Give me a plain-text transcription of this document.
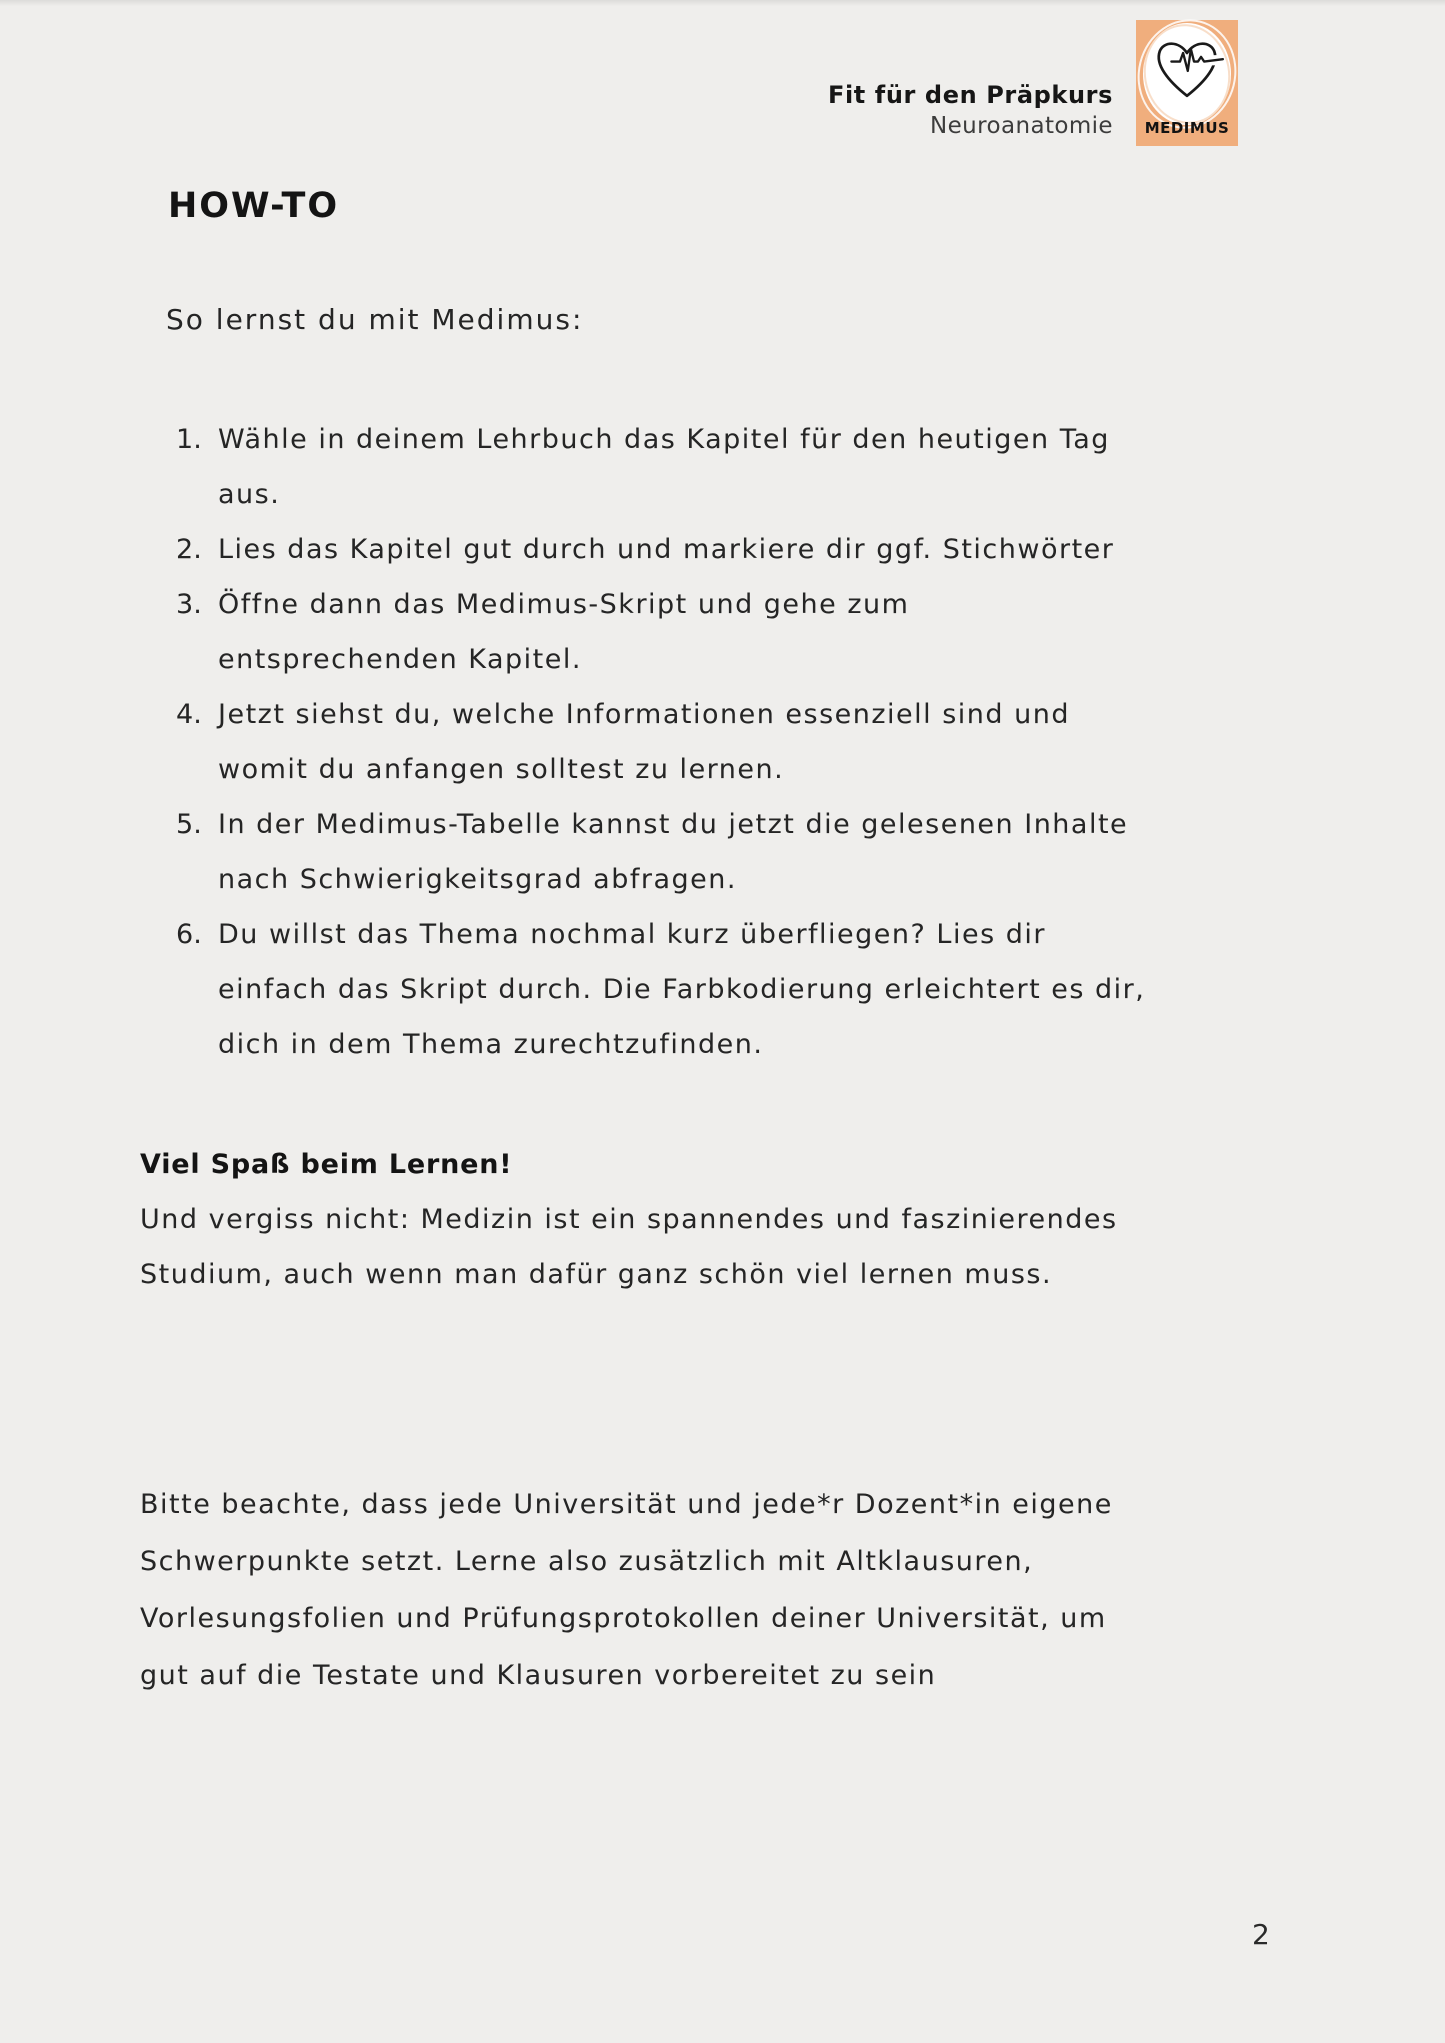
Fit für den Präpkurs
Neuroanatomie	MEDIMUS
HOW-TO
So lernst du mit Medimus:
Wähle in deinem Lehrbuch das Kapitel für den heutigen Tag
aus.
Lies das Kapitel gut durch und markiere dir ggf. Stichwörter
Öffne dann das Medimus-Skript und gehe zum
entsprechenden Kapitel.
Jetzt siehst du, welche Informationen essenziell sind und
womit du anfangen solltest zu lernen.
In der Medimus-Tabelle kannst du jetzt die gelesenen Inhalte
nach Schwierigkeitsgrad abfragen.
Du willst das Thema nochmal kurz überfliegen? Lies dir
einfach das Skript durch. Die Farbkodierung erleichtert es dir,
dich in dem Thema zurechtzufinden.

Viel Spaß beim Lernen!

Und vergiss nicht: Medizin ist ein spannendes und faszinierendes
Studium, auch wenn man dafür ganz schön viel lernen muss.

Bitte beachte, dass jede Universität und jede*r Dozent*in eigene
Schwerpunkte setzt. Lerne also zusätzlich mit Altklausuren,
Vorlesungsfolien und Prüfungsprotokollen deiner Universität, um
gut auf die Testate und Klausuren vorbereitet zu sein

2
